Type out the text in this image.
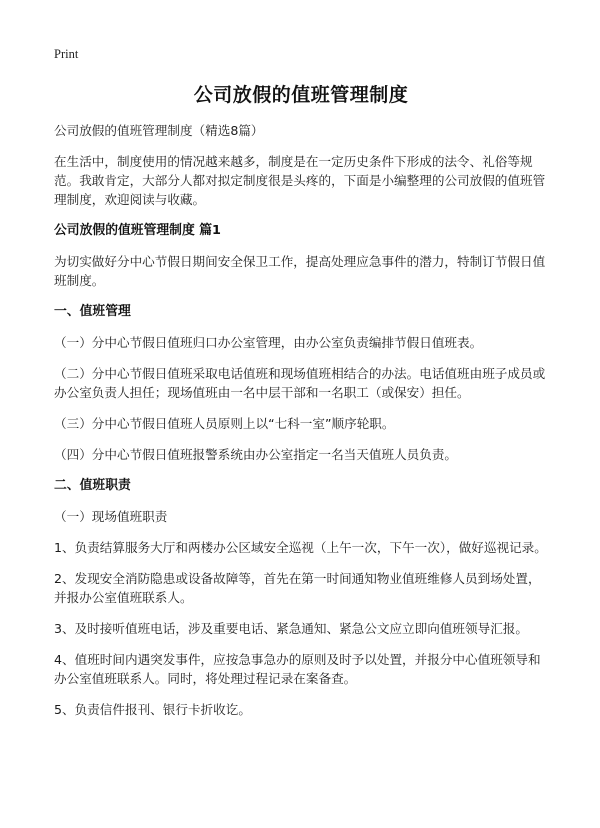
Print
公司放假的值班管理制度

公司放假的值班管理制度（精选8篇）

在生活中，制度使用的情况越来越多，制度是在一定历史条件下形成的法令、礼俗等规范。我敢肯定，大部分人都对拟定制度很是头疼的，下面是小编整理的公司放假的值班管理制度，欢迎阅读与收藏。

公司放假的值班管理制度 篇1

为切实做好分中心节假日期间安全保卫工作，提高处理应急事件的潜力，特制订节假日值班制度。

一、值班管理

（一）分中心节假日值班归口办公室管理，由办公室负责编排节假日值班表。

（二）分中心节假日值班采取电话值班和现场值班相结合的办法。电话值班由班子成员或办公室负责人担任；现场值班由一名中层干部和一名职工（或保安）担任。

（三）分中心节假日值班人员原则上以“七科一室”顺序轮职。

（四）分中心节假日值班报警系统由办公室指定一名当天值班人员负责。

二、值班职责

（一）现场值班职责

1、负责结算服务大厅和两楼办公区域安全巡视（上午一次，下午一次），做好巡视记录。

2、发现安全消防隐患或设备故障等，首先在第一时间通知物业值班维修人员到场处置，并报办公室值班联系人。

3、及时接听值班电话，涉及重要电话、紧急通知、紧急公文应立即向值班领导汇报。

4、值班时间内遇突发事件，应按急事急办的原则及时予以处置，并报分中心值班领导和办公室值班联系人。同时，将处理过程记录在案备查。

5、负责信件报刊、银行卡折收讫。
